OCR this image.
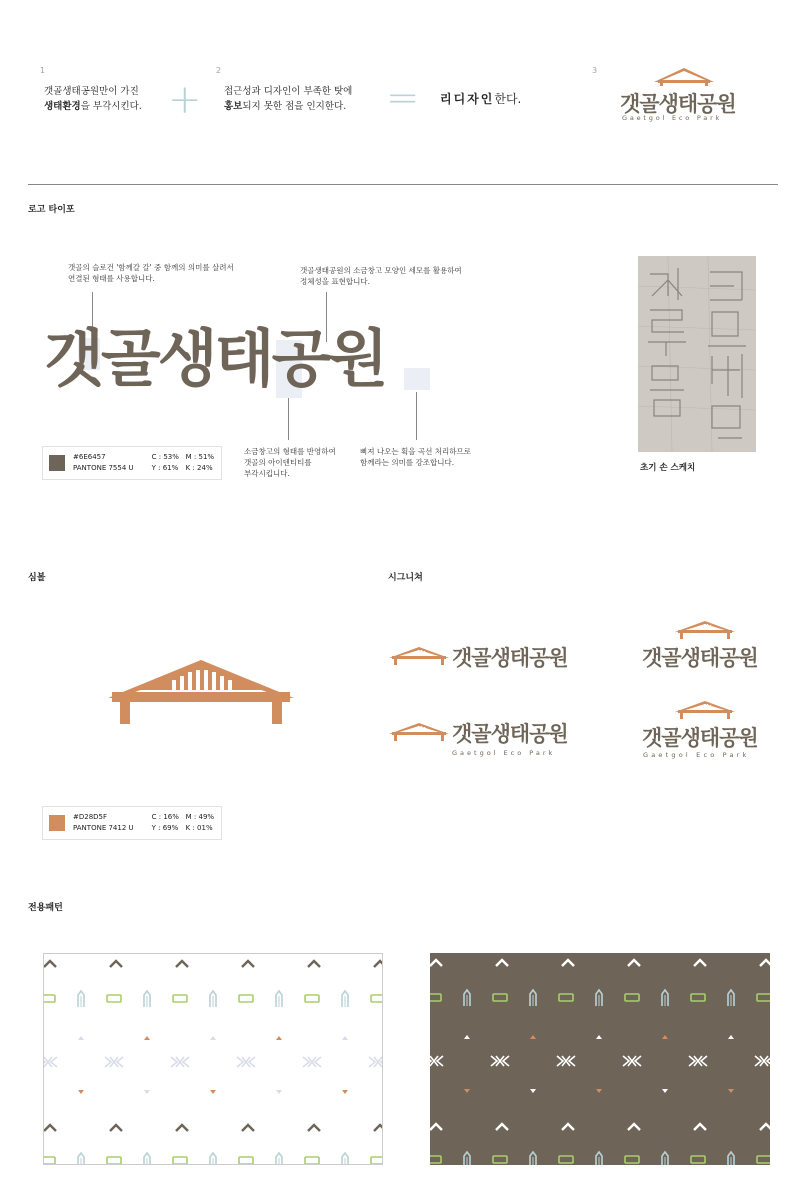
1
갯골생태공원만이 가진
생태환경을 부각시킨다. +
2
접근성과 디자인이 부족한 탓에
홍보되지 못한 점을 인지한다. = 리디자인한다.
3
갯골생태공원
Gaetgol Eco Park
로고 타이포
갯골의 슬로건 '함께갈 갈' 중 함께의 의미를 살려서
연결된 형태를 사용합니다.
갯골생태공원의 소금창고 모양인 세모를 활용하여
정체성을 표현합니다.
갯골생태공원
소금창고의 형태를 반영하여
갯골의 아이덴티티를
부각시킵니다.
삐져 나오는 획을 곡선 처리하므로
함께라는 의미를 강조합니다.
#6E6457
PANTONE 7554 U
C : 53% M : 51%
Y : 61%	K : 24%	초기 손 스케치
심볼
#D28D5F
PANTONE 7412 U
C : 16% M : 49%
Y : 69%	K : 01%
시그니쳐
갯골생태공원	갯골생태공원
갯골생태공원
Gaetgol Eco Park
갯골생태공원
Gaetgol Eco Park
전용패턴
